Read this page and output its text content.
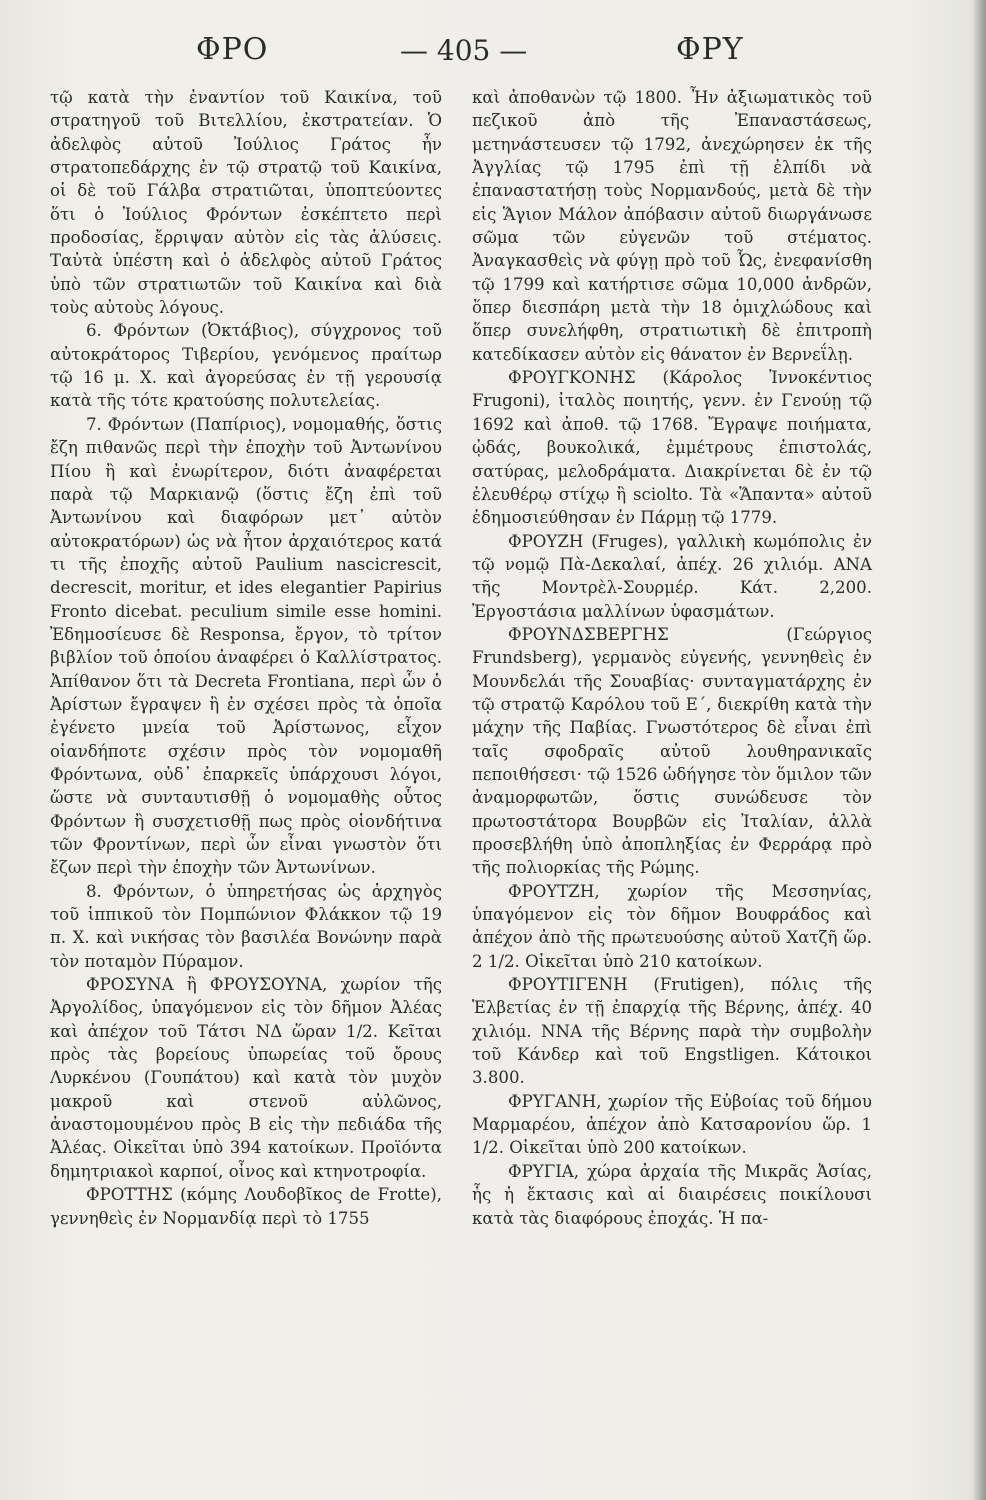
ΦΡΟ	— 405 —	ΦΡΥ

τῷ κατὰ τὴν ἐναντίον τοῦ Καικίνα, τοῦ στρατηγοῦ τοῦ Βιτελλίου, ἐκστρατείαν. Ὁ ἀδελφὸς αὐτοῦ Ἰούλιος Γράτος ἦν στρατοπεδάρχης ἐν τῷ στρατῷ τοῦ Καικίνα, οἱ δὲ τοῦ Γάλβα στρατιῶται, ὑποπτεύοντες ὅτι ὁ Ἰούλιος Φρόντων ἐσκέπτετο περὶ προδοσίας, ἔρριψαν αὐτὸν εἰς τὰς ἁλύσεις. Ταὐτὰ ὑπέστη καὶ ὁ ἀδελφὸς αὐτοῦ Γράτος ὑπὸ τῶν στρατιωτῶν τοῦ Καικίνα καὶ διὰ τοὺς αὐτοὺς λόγους.

6. Φρόντων (Ὀκτάβιος), σύγχρονος τοῦ αὐτοκράτορος Τιβερίου, γενόμενος πραίτωρ τῷ 16 μ. Χ. καὶ ἀγορεύσας ἐν τῇ γερουσίᾳ κατὰ τῆς τότε κρατούσης πολυτελείας.

7. Φρόντων (Παπίριος), νομομαθής, ὅστις ἔζη πιθανῶς περὶ τὴν ἐποχὴν τοῦ Ἀντωνίνου Πίου ἢ καὶ ἐνωρίτερον, διότι ἀναφέρεται παρὰ τῷ Μαρκιανῷ (ὅστις ἔζη ἐπὶ τοῦ Ἀντωνίνου καὶ διαφόρων μετ᾽ αὐτὸν αὐτοκρατόρων) ὡς νὰ ἦτον ἀρχαιότερος κατά τι τῆς ἐποχῆς αὐτοῦ Paulium nascicrescit, decrescit, moritur, et ides elegantier Papirius Fronto dicebat. peculium simile esse homini. Ἐδημοσίευσε δὲ Responsa, ἔργον, τὸ τρίτον βιβλίον τοῦ ὁποίου ἀναφέρει ὁ Καλλίστρατος. Ἀπίθανον ὅτι τὰ Decreta Frontiana, περὶ ὧν ὁ Ἀρίστων ἔγραψεν ἢ ἐν σχέσει πρὸς τὰ ὁποῖα ἐγένετο μνεία τοῦ Ἀρίστωνος, εἶχον οἱανδήποτε σχέσιν πρὸς τὸν νομομαθῆ Φρόντωνα, οὐδ᾽ ἐπαρκεῖς ὑπάρχουσι λόγοι, ὥστε νὰ συνταυτισθῇ ὁ νομομαθὴς οὗτος Φρόντων ἢ συσχετισθῇ πως πρὸς οἱονδήτινα τῶν Φροντίνων, περὶ ὧν εἶναι γνωστὸν ὅτι ἔζων περὶ τὴν ἐποχὴν τῶν Ἀντωνίνων.

8. Φρόντων, ὁ ὑπηρετήσας ὡς ἀρχηγὸς τοῦ ἱππικοῦ τὸν Πομπώνιον Φλάκκον τῷ 19 π. Χ. καὶ νικήσας τὸν βασιλέα Βονώνην παρὰ τὸν ποταμὸν Πύραμον.

ΦΡΟΣΥΝΑ ἢ ΦΡΟΥΣΟΥΝΑ, χωρίον τῆς Ἀργολίδος, ὑπαγόμενον εἰς τὸν δῆμον Ἀλέας καὶ ἀπέχον τοῦ Τάτσι ΝΔ ὥραν 1/2. Κεῖται πρὸς τὰς βορείους ὑπωρείας τοῦ ὄρους Λυρκένου (Γουπάτου) καὶ κατὰ τὸν μυχὸν μακροῦ καὶ στενοῦ αὐλῶνος, ἀναστομουμένου πρὸς Β εἰς τὴν πεδιάδα τῆς Ἀλέας. Οἰκεῖται ὑπὸ 394 κατοίκων. Προϊόντα δημητριακοὶ καρποί, οἶνος καὶ κτηνοτροφία.

ΦΡΟΤΤΗΣ (κόμης Λουδοβῖκος de Frotte), γεννηθεὶς ἐν Νορμανδίᾳ περὶ τὸ 1755

καὶ ἀποθανὼν τῷ 1800. Ἦν ἀξιωματικὸς τοῦ πεζικοῦ ἀπὸ τῆς Ἐπαναστάσεως, μετηνάστευσεν τῷ 1792, ἀνεχώρησεν ἐκ τῆς Ἀγγλίας τῷ 1795 ἐπὶ τῇ ἐλπίδι νὰ ἐπαναστατήσῃ τοὺς Νορμανδούς, μετὰ δὲ τὴν εἰς Ἅγιον Μάλον ἀπόβασιν αὐτοῦ διωργάνωσε σῶμα τῶν εὐγενῶν τοῦ στέματος. Ἀναγκασθεὶς νὰ φύγῃ πρὸ τοῦ Ὦς, ἐνεφανίσθη τῷ 1799 καὶ κατήρτισε σῶμα 10,000 ἀνδρῶν, ὅπερ διεσπάρη μετὰ τὴν 18 ὁμιχλώδους καὶ ὅπερ συνελήφθη, στρατιωτικὴ δὲ ἐπιτροπὴ κατεδίκασεν αὐτὸν εἰς θάνατον ἐν Βερνεΐλῃ.

ΦΡΟΥΓΚΟΝΗΣ (Κάρολος Ἰννοκέντιος Frugoni), ἰταλὸς ποιητής, γενν. ἐν Γενούῃ τῷ 1692 καὶ ἀποθ. τῷ 1768. Ἔγραψε ποιήματα, ᾠδάς, βουκολικά, ἐμμέτρους ἐπιστολάς, σατύρας, μελοδράματα. Διακρίνεται δὲ ἐν τῷ ἐλευθέρῳ στίχῳ ἢ sciolto. Τὰ «Ἅπαντα» αὐτοῦ ἐδημοσιεύθησαν ἐν Πάρμῃ τῷ 1779.

ΦΡΟΥΖΗ (Fruges), γαλλικὴ κωμόπολις ἐν τῷ νομῷ Πὰ-Δεκαλαί, ἀπέχ. 26 χιλιόμ. ΑΝΑ τῆς Μοντρὲλ-Σουρμέρ. Κάτ. 2,200. Ἐργοστάσια μαλλίνων ὑφασμάτων.

ΦΡΟΥΝΔΣΒΕΡΓΗΣ (Γεώργιος Frundsberg), γερμανὸς εὐγενής, γεννηθεὶς ἐν Μουνδελάι τῆς Σουαβίας· συνταγματάρχης ἐν τῷ στρατῷ Καρόλου τοῦ Ε΄, διεκρίθη κατὰ τὴν μάχην τῆς Παβίας. Γνωστότερος δὲ εἶναι ἐπὶ ταῖς σφοδραῖς αὐτοῦ λουθηρανικαῖς πεποιθήσεσι· τῷ 1526 ὡδήγησε τὸν ὅμιλον τῶν ἀναμορφωτῶν, ὅστις συνώδευσε τὸν πρωτοστάτορα Βουρβῶν εἰς Ἰταλίαν, ἀλλὰ προσεβλήθη ὑπὸ ἀποπληξίας ἐν Φερράρᾳ πρὸ τῆς πολιορκίας τῆς Ρώμης.

ΦΡΟΥΤΖΗ, χωρίον τῆς Μεσσηνίας, ὑπαγόμενον εἰς τὸν δῆμον Βουφράδος καὶ ἀπέχον ἀπὸ τῆς πρωτευούσης αὐτοῦ Χατζῆ ὥρ. 2 1/2. Οἰκεῖται ὑπὸ 210 κατοίκων.

ΦΡΟΥΤΙΓΕΝΗ (Frutigen), πόλις τῆς Ἑλβετίας ἐν τῇ ἐπαρχίᾳ τῆς Βέρνης, ἀπέχ. 40 χιλιόμ. ΝΝΑ τῆς Βέρνης παρὰ τὴν συμβολὴν τοῦ Κάνδερ καὶ τοῦ Engstligen. Κάτοικοι 3.800.

ΦΡΥΓΑΝΗ, χωρίον τῆς Εὐβοίας τοῦ δήμου Μαρμαρέου, ἀπέχον ἀπὸ Κατσαρονίου ὥρ. 1 1/2. Οἰκεῖται ὑπὸ 200 κατοίκων.

ΦΡΥΓΙΑ, χώρα ἀρχαία τῆς Μικρᾶς Ἀσίας, ἧς ἡ ἔκτασις καὶ αἱ διαιρέσεις ποικίλουσι κατὰ τὰς διαφόρους ἐποχάς. Ἡ πα-
